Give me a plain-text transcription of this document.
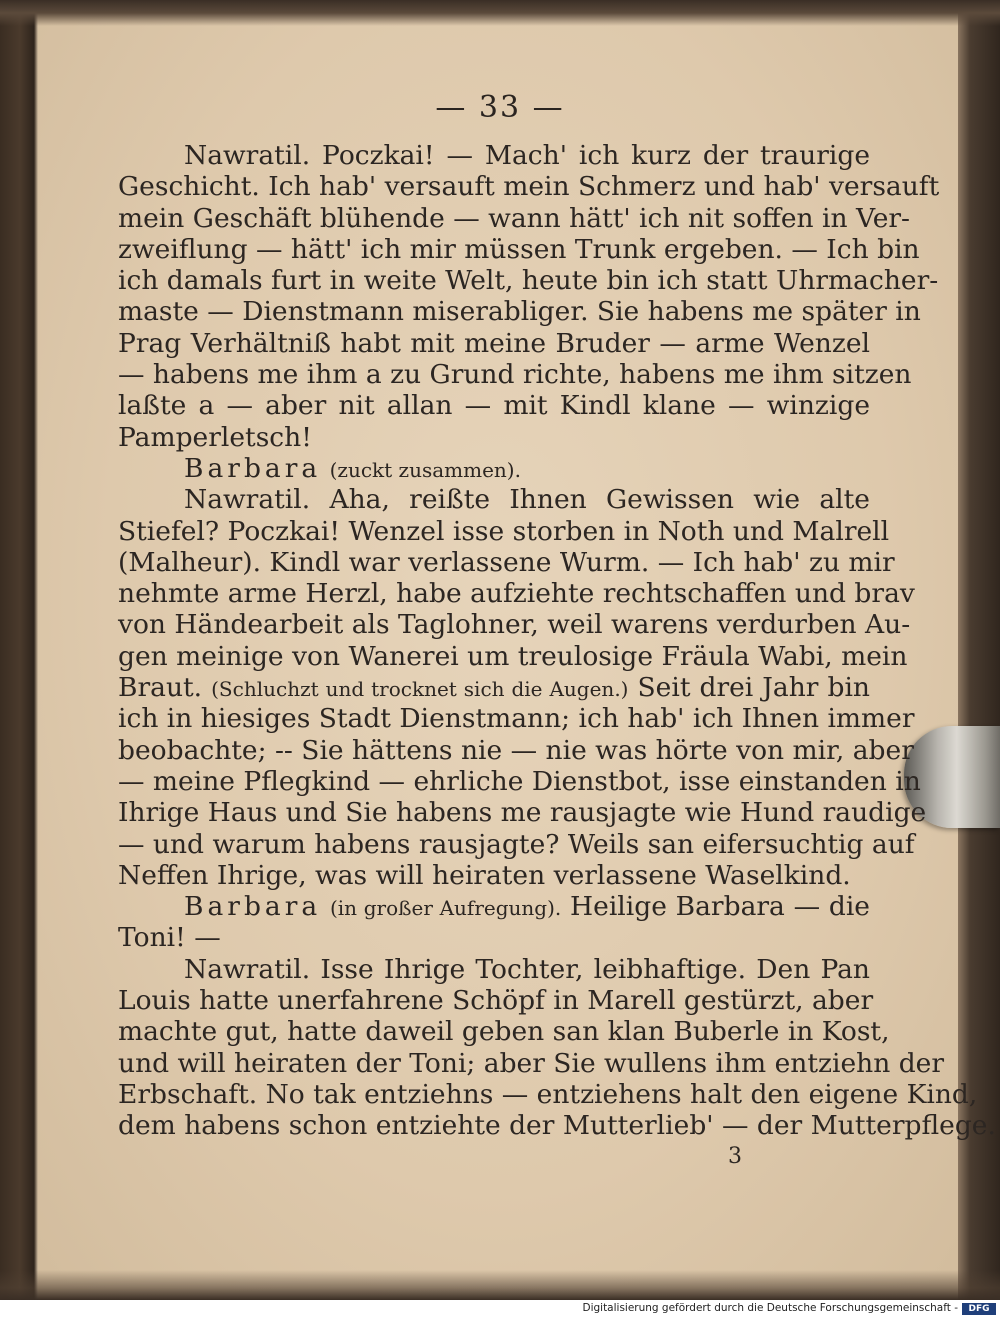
— 33 —
Nawratil. Poczkai! — Mach' ich kurz der traurige
Geschicht. Ich hab' versauft mein Schmerz und hab' versauft
mein Geschäft blühende — wann hätt' ich nit soffen in Ver-
zweiflung — hätt' ich mir müssen Trunk ergeben. — Ich bin
ich damals furt in weite Welt, heute bin ich statt Uhrmacher-
maste — Dienstmann miserabliger. Sie habens me später in
Prag Verhältniß habt mit meine Bruder — arme Wenzel
— habens me ihm a zu Grund richte, habens me ihm sitzen
laßte a — aber nit allan — mit Kindl klane — winzige
Pamperletsch!
Barbara (zuckt zusammen).
Nawratil. Aha, reißte Ihnen Gewissen wie alte
Stiefel? Poczkai! Wenzel isse storben in Noth und Malrell
(Malheur). Kindl war verlassene Wurm. — Ich hab' zu mir
nehmte arme Herzl, habe aufziehte rechtschaffen und brav
von Händearbeit als Taglohner, weil warens verdurben Au-
gen meinige von Wanerei um treulosige Fräula Wabi, mein
Braut. (Schluchzt und trocknet sich die Augen.) Seit drei Jahr bin
ich in hiesiges Stadt Dienstmann; ich hab' ich Ihnen immer
beobachte; -- Sie hättens nie — nie was hörte von mir, aber
— meine Pflegkind — ehrliche Dienstbot, isse einstanden in
Ihrige Haus und Sie habens me rausjagte wie Hund raudige
— und warum habens rausjagte? Weils san eifersuchtig auf
Neffen Ihrige, was will heiraten verlassene Waselkind.
Barbara (in großer Aufregung). Heilige Barbara — die
Toni! —
Nawratil. Isse Ihrige Tochter, leibhaftige. Den Pan
Louis hatte unerfahrene Schöpf in Marell gestürzt, aber
machte gut, hatte daweil geben san klan Buberle in Kost,
und will heiraten der Toni; aber Sie wullens ihm entziehn der
Erbschaft. No tak entziehns — entziehens halt den eigene Kind,
dem habens schon entziehte der Mutterlieb' — der Mutterpflege.
3
Digitalisierung gefördert durch die Deutsche Forschungsgemeinschaft -	DFG
